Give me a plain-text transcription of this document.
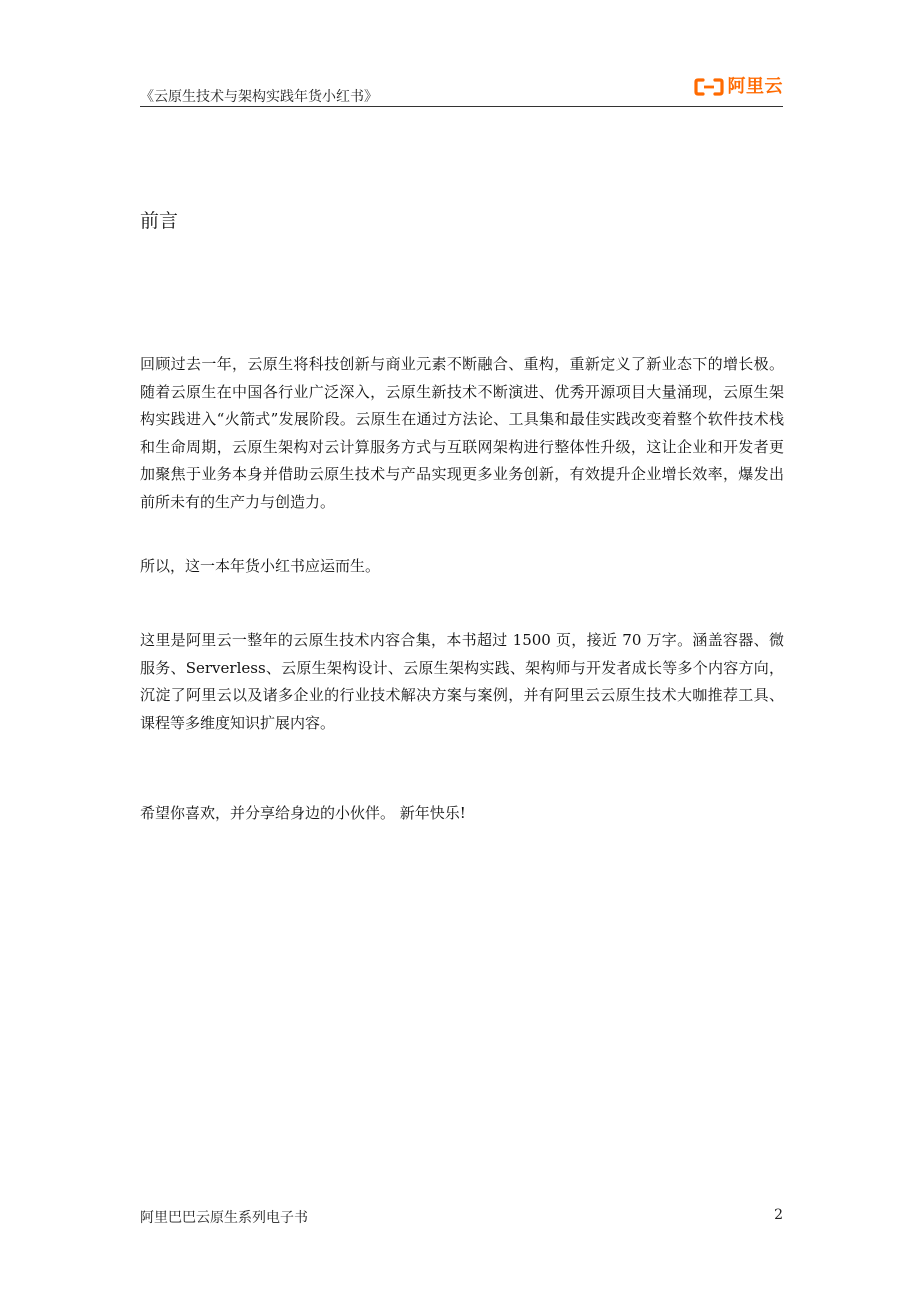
《云原生技术与架构实践年货小红书》	阿里云
前言

回顾过去一年，云原生将科技创新与商业元素不断融合、重构，重新定义了新业态下的增长极。随着云原生在中国各行业广泛深入，云原生新技术不断演进、优秀开源项目大量涌现，云原生架构实践进入“火箭式”发展阶段。云原生在通过方法论、工具集和最佳实践改变着整个软件技术栈和生命周期，云原生架构对云计算服务方式与互联网架构进行整体性升级，这让企业和开发者更加聚焦于业务本身并借助云原生技术与产品实现更多业务创新，有效提升企业增长效率，爆发出前所未有的生产力与创造力。

所以，这一本年货小红书应运而生。

这里是阿里云一整年的云原生技术内容合集，本书超过 1500 页，接近 70 万字。涵盖容器、微服务、Serverless、云原生架构设计、云原生架构实践、架构师与开发者成长等多个内容方向，沉淀了阿里云以及诸多企业的行业技术解决方案与案例，并有阿里云云原生技术大咖推荐工具、课程等多维度知识扩展内容。

希望你喜欢，并分享给身边的小伙伴。 新年快乐!

阿里巴巴云原生系列电子书	2
